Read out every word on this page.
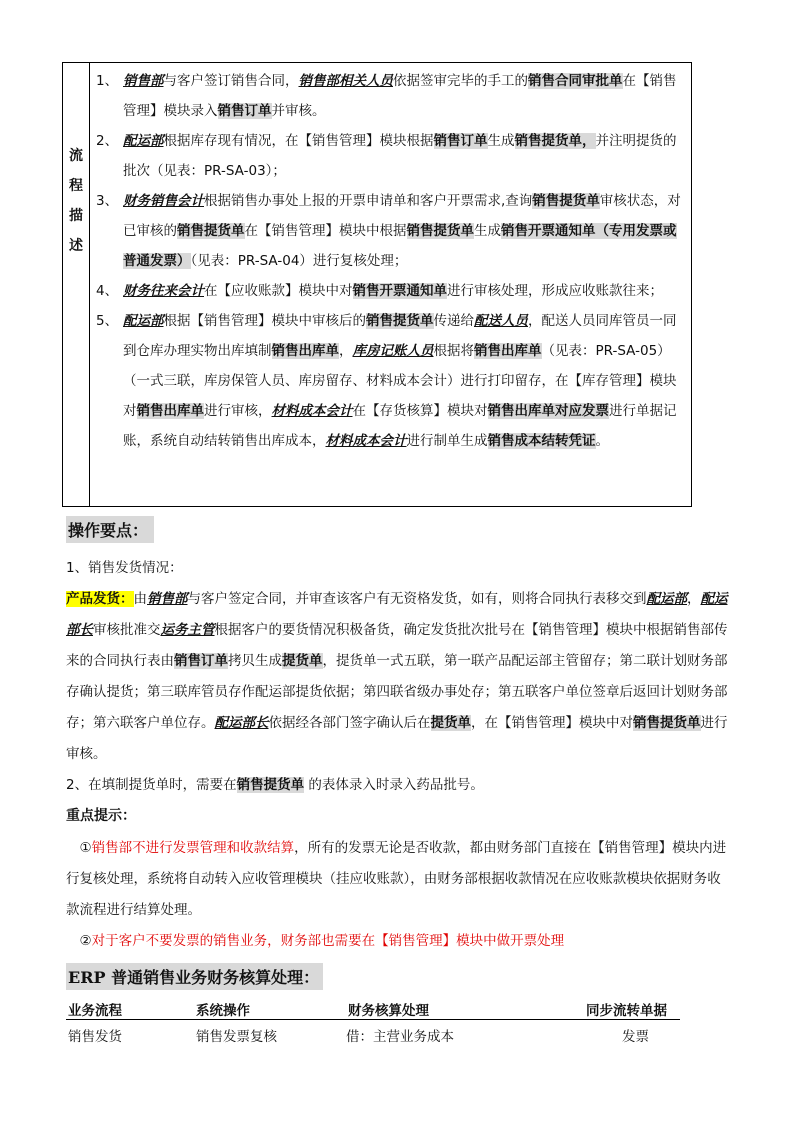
流程描述
1、 销售部与客户签订销售合同，销售部相关人员依据签审完毕的手工的销售合同审批单在【销售管理】模块录入销售订单并审核。
2、 配运部根据库存现有情况，在【销售管理】模块根据销售订单生成销售提货单，并注明提货的批次（见表：PR-SA-03）；
3、 财务销售会计根据销售办事处上报的开票申请单和客户开票需求,查询销售提货单审核状态，对已审核的销售提货单在【销售管理】模块中根据销售提货单生成销售开票通知单（专用发票或普通发票）（见表：PR-SA-04）进行复核处理；
4、 财务往来会计在【应收账款】模块中对销售开票通知单进行审核处理，形成应收账款往来；
5、 配运部根据【销售管理】模块中审核后的销售提货单传递给配送人员，配送人员同库管员一同到仓库办理实物出库填制销售出库单，库房记账人员根据将销售出库单（见表：PR-SA-05）（一式三联，库房保管人员、库房留存、材料成本会计）进行打印留存，在【库存管理】模块对销售出库单进行审核，材料成本会计在【存货核算】模块对销售出库单对应发票进行单据记账，系统自动结转销售出库成本，材料成本会计进行制单生成销售成本结转凭证。
操作要点：
1、销售发货情况：
产品发货：由销售部与客户签定合同，并审查该客户有无资格发货，如有，则将合同执行表移交到配运部，配运部长审核批准交运务主管根据客户的要货情况积极备货，确定发货批次批号在【销售管理】模块中根据销售部传来的合同执行表由销售订单拷贝生成提货单，提货单一式五联，第一联产品配运部主管留存；第二联计划财务部存确认提货；第三联库管员存作配运部提货依据；第四联省级办事处存；第五联客户单位签章后返回计划财务部存；第六联客户单位存。配运部长依据经各部门签字确认后在提货单，在【销售管理】模块中对销售提货单进行审核。
2、在填制提货单时，需要在销售提货单 的表体录入时录入药品批号。
重点提示：
　①销售部不进行发票管理和收款结算，所有的发票无论是否收款，都由财务部门直接在【销售管理】模块内进行复核处理，系统将自动转入应收管理模块（挂应收账款），由财务部根据收款情况在应收账款模块依据财务收款流程进行结算处理。
　②对于客户不要发票的销售业务，财务部也需要在【销售管理】模块中做开票处理
ERP 普通销售业务财务核算处理：
业务流程	系统操作	财务核算处理	同步流转单据
销售发货	销售发票复核	借：主营业务成本	发票
